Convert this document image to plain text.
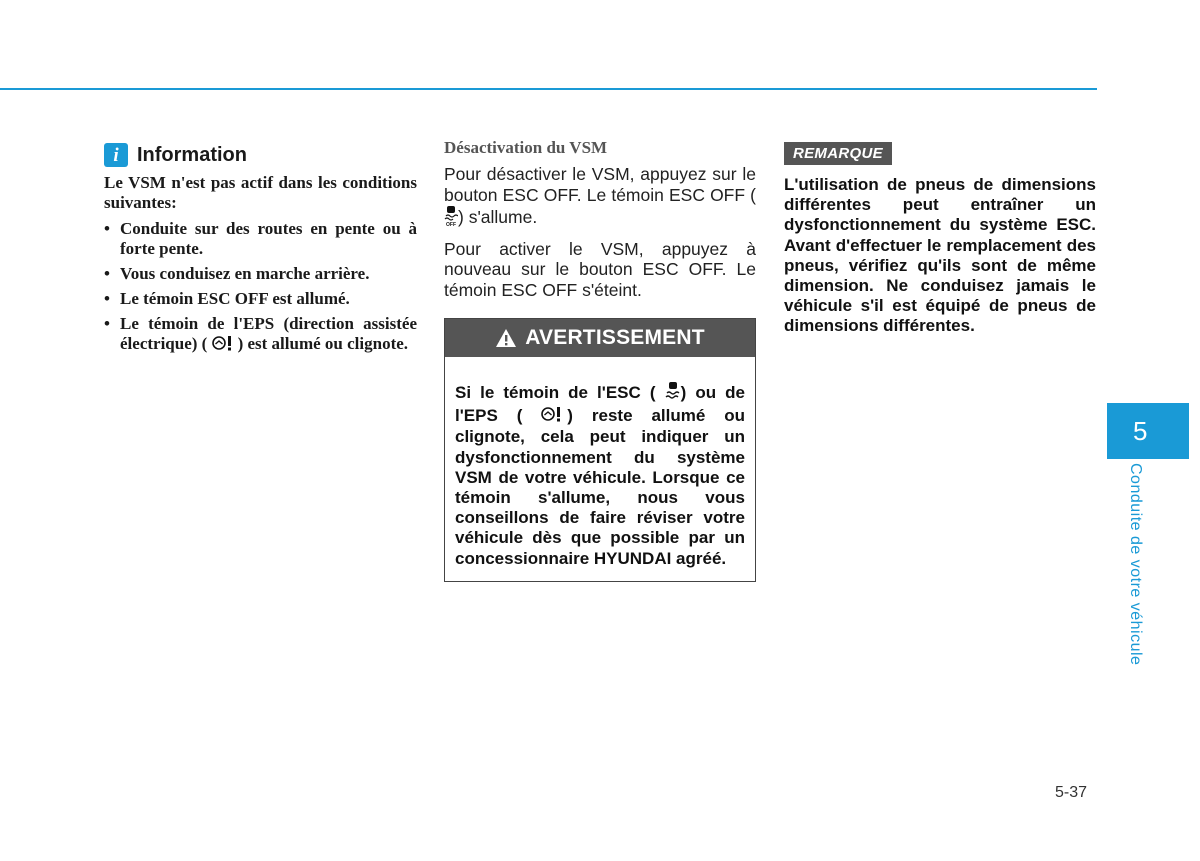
i Information
Le VSM n'est pas actif dans les conditions suivantes:
• Conduite sur des routes en pente ou à forte pente.
• Vous conduisez en marche arrière.
• Le témoin ESC OFF est allumé.
• Le témoin de l'EPS (direction assistée électrique) ( ) est allumé ou clignote.
Désactivation du VSM

Pour désactiver le VSM, appuyez sur le bouton ESC OFF. Le témoin ESC OFF (
OFF ) s'allume.

Pour activer le VSM, appuyez à nouveau sur le bouton ESC OFF. Le témoin ESC OFF s'éteint.

AVERTISSEMENT
Si le témoin de l'ESC ( ) ou de l'EPS (	) reste allumé ou clignote, cela peut indiquer un dysfonctionnement du système VSM de votre véhicule. Lorsque ce témoin s'allume, nous vous conseillons de faire réviser votre véhicule dès que possible par un concessionnaire HYUNDAI agréé.
REMARQUE
L'utilisation de pneus de dimensions différentes peut entraîner un dysfonctionnement du système ESC. Avant d'effectuer le remplacement des pneus, vérifiez qu'ils sont de même dimension. Ne conduisez jamais le véhicule s'il est équipé de pneus de dimensions différentes.
5
Conduite de votre véhicule
5-37
